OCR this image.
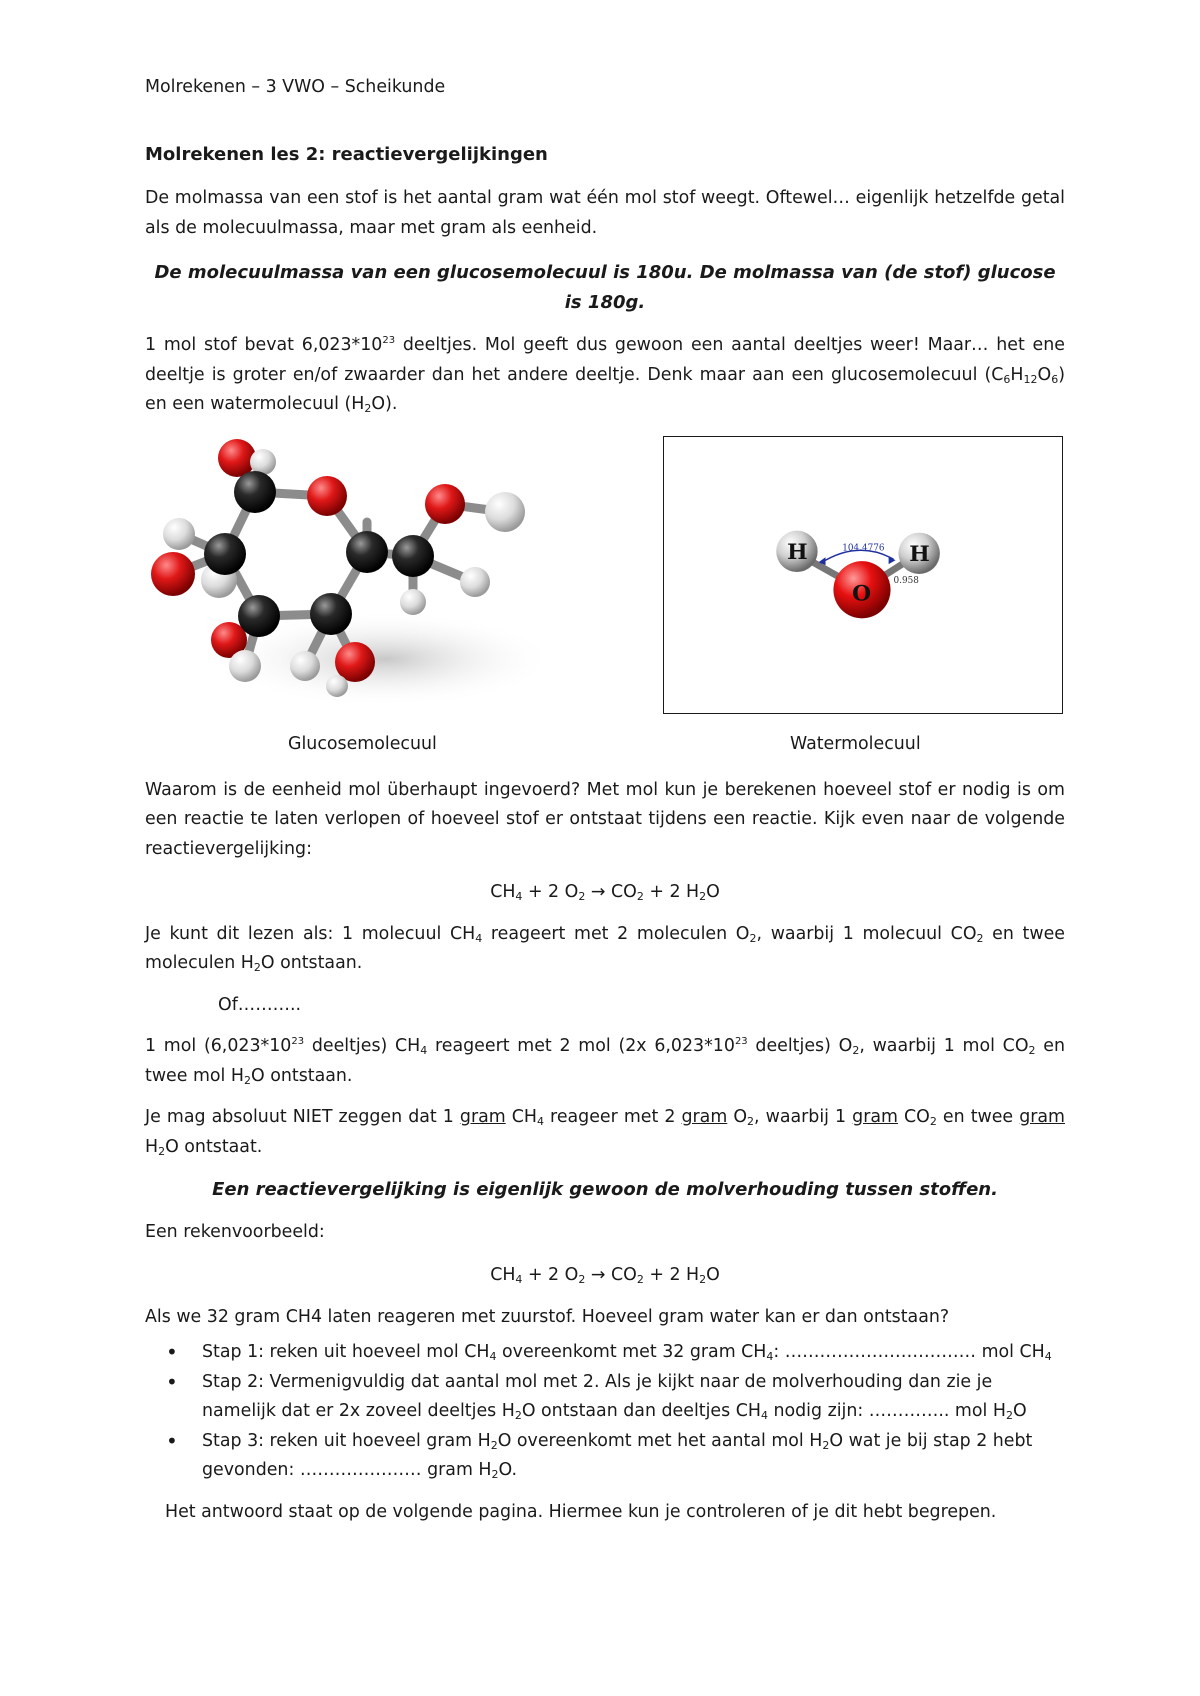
Molrekenen – 3 VWO – Scheikunde

Molrekenen les 2: reactievergelijkingen

De molmassa van een stof is het aantal gram wat één mol stof weegt. Oftewel… eigenlijk hetzelfde getal als de molecuulmassa, maar met gram als eenheid.

De molecuulmassa van een glucosemolecuul is 180u. De molmassa van (de stof) glucose is 180g.

1 mol stof bevat $6,023*10^{23}$ deeltjes. Mol geeft dus gewoon een aantal deeltjes weer! Maar… het ene deeltje is groter en/of zwaarder dan het andere deeltje. Denk maar aan een glucosemolecuul $(C_6H_{12}O_6)$ en een watermolecuul $(H_2O)$.

104.4776
0.958
H	H
O
Glucosemolecuul	Watermolecuul

Waarom is de eenheid mol überhaupt ingevoerd? Met mol kun je berekenen hoeveel stof er nodig is om een reactie te laten verlopen of hoeveel stof er ontstaat tijdens een reactie. Kijk even naar de volgende reactievergelijking:

$CH_4 + 2$ $O_2 \to CO_2 + 2$ $H_2O$

Je kunt dit lezen als: 1 molecuul $CH_4$ reageert met 2 moleculen $O_2$, waarbij 1 molecuul $CO_2$ en twee moleculen $H_2O$ ontstaan.

Of………..

1 mol ($6,023*10^{23}$ deeltjes) $CH_4$ reageert met 2 mol (2x $6,023*10^{23}$ deeltjes) $O_2$, waarbij 1 mol $CO_2$ en twee mol $H_2O$ ontstaan.

Je mag absoluut NIET zeggen dat 1 gram $CH_4$ reageer met 2 gram $O_2$, waarbij 1 gram $CO_2$ en twee gram $H_2O$ ontstaat.

Een reactievergelijking is eigenlijk gewoon de molverhouding tussen stoffen.

Een rekenvoorbeeld:

$CH_4 + 2$ $O_2 \to CO_2 + 2$ $H_2O$

Als we 32 gram CH4 laten reageren met zuurstof. Hoeveel gram water kan er dan ontstaan?

• Stap 1: reken uit hoeveel mol $CH_4$ overeenkomt met 32 gram $CH_4$: …………………………… mol $CH_4$
• Stap 2: Vermenigvuldig dat aantal mol met 2. Als je kijkt naar de molverhouding dan zie je namelijk dat er 2x zoveel deeltjes $H_2O$ ontstaan dan deeltjes $CH_4$ nodig zijn: ………….. mol $H_2O$
• Stap 3: reken uit hoeveel gram $H_2O$ overeenkomt met het aantal mol $H_2O$ wat je bij stap 2 hebt gevonden: ………………… gram $H_2O$.

Het antwoord staat op de volgende pagina. Hiermee kun je controleren of je dit hebt begrepen.
